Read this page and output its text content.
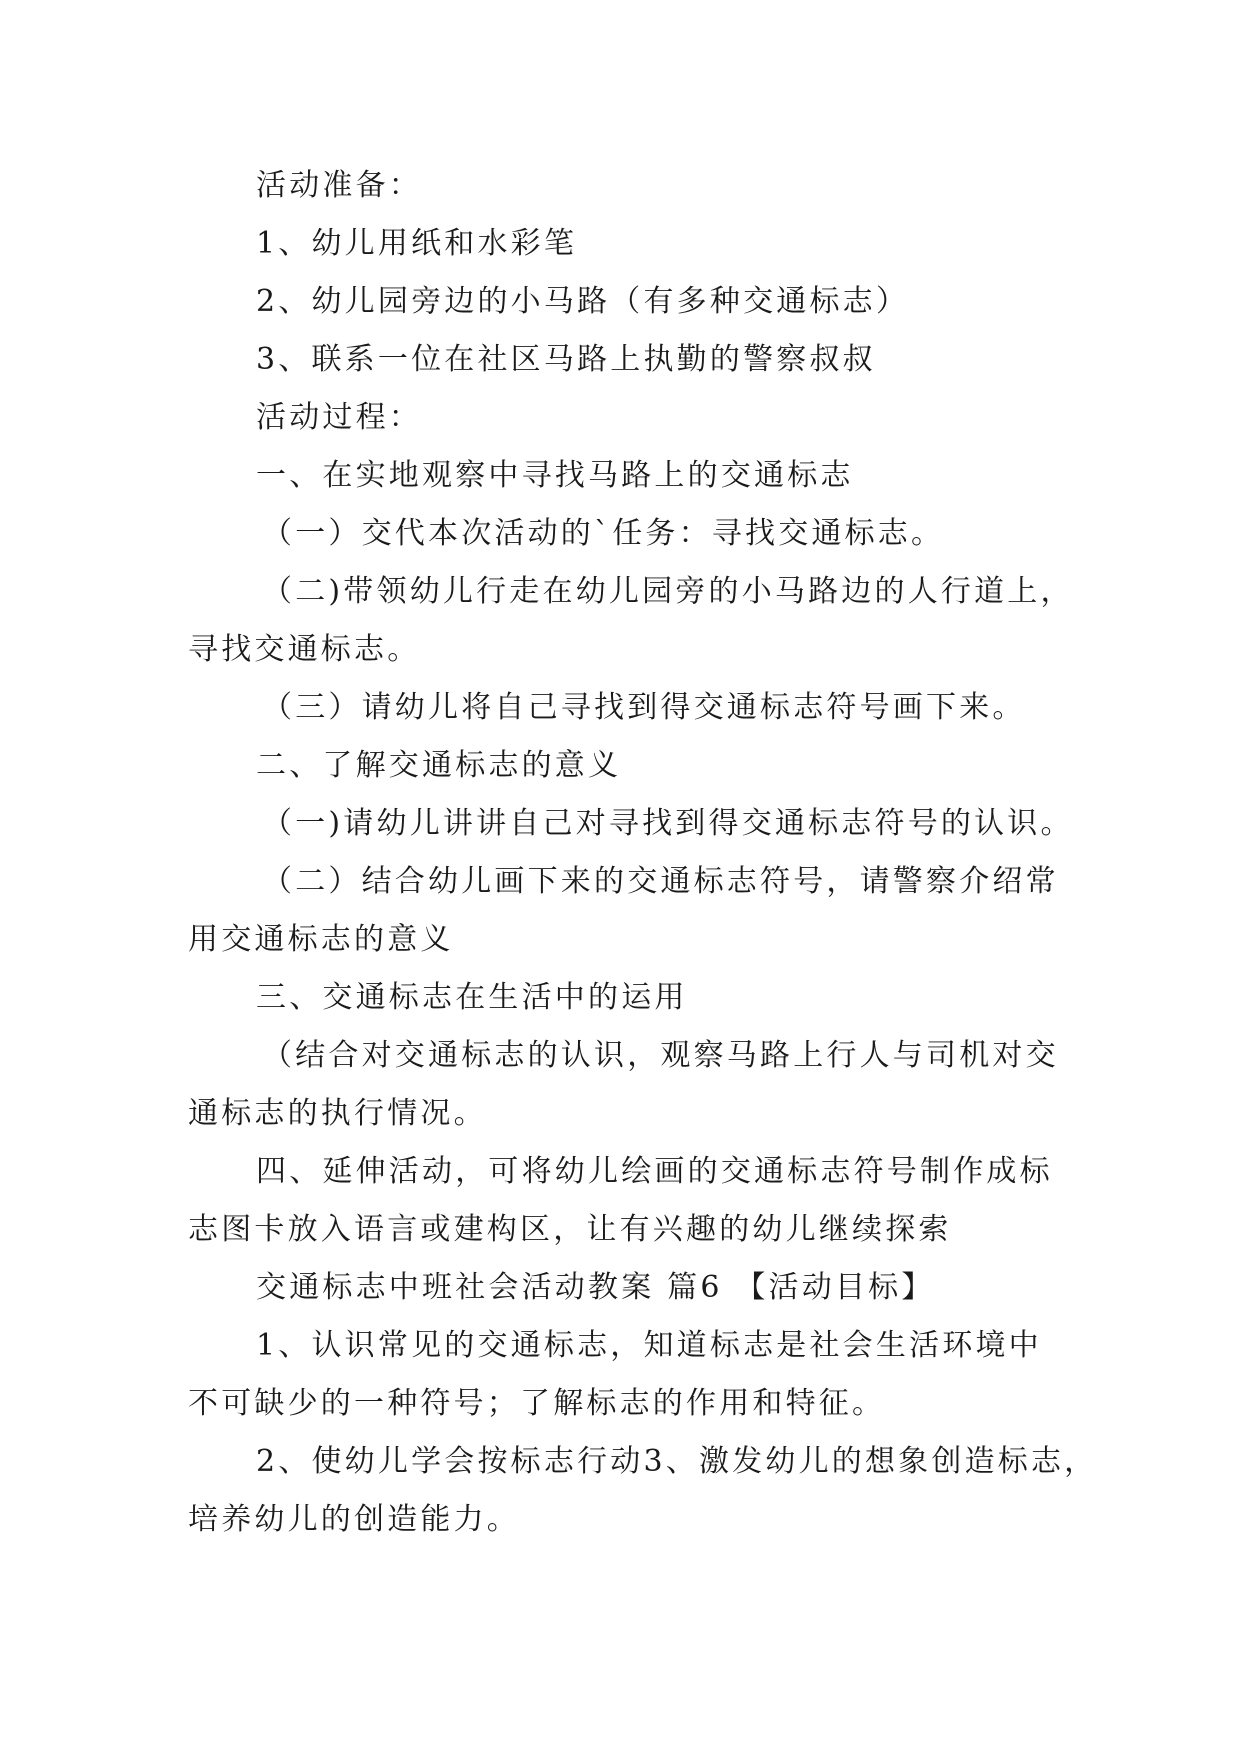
活动准备：
1、幼儿用纸和水彩笔
2、幼儿园旁边的小马路（有多种交通标志）
3、联系一位在社区马路上执勤的警察叔叔
活动过程：
一、在实地观察中寻找马路上的交通标志
（一）交代本次活动的`任务：寻找交通标志。
（二)带领幼儿行走在幼儿园旁的小马路边的人行道上，
寻找交通标志。
（三）请幼儿将自己寻找到得交通标志符号画下来。
二、了解交通标志的意义
（一)请幼儿讲讲自己对寻找到得交通标志符号的认识。
（二）结合幼儿画下来的交通标志符号，请警察介绍常
用交通标志的意义
三、交通标志在生活中的运用
（结合对交通标志的认识，观察马路上行人与司机对交
通标志的执行情况。
四、延伸活动，可将幼儿绘画的交通标志符号制作成标
志图卡放入语言或建构区，让有兴趣的幼儿继续探索
交通标志中班社会活动教案 篇6 【活动目标】
1、认识常见的交通标志，知道标志是社会生活环境中
不可缺少的一种符号；了解标志的作用和特征。
2、使幼儿学会按标志行动3、激发幼儿的想象创造标志，
培养幼儿的创造能力。
